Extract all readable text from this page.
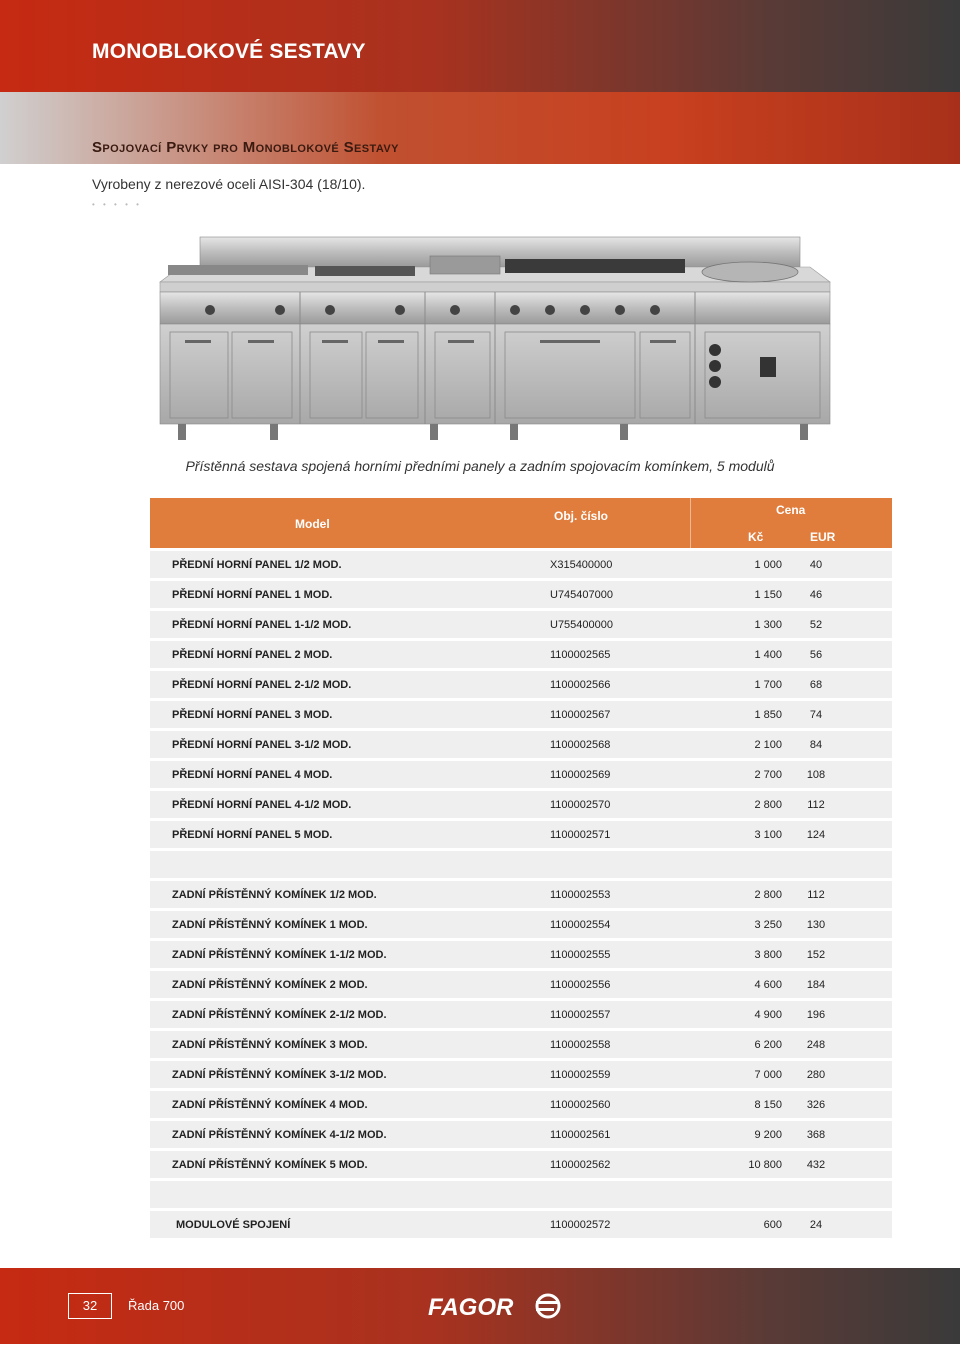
MONOBLOKOVÉ SESTAVY
Spojovací Prvky pro Monoblokové Sestavy
Vyrobeny z nerezové oceli AISI-304 (18/10).
• • • • •
Přístěnná sestava spojená horními předními panely a zadním spojovacím komínkem, 5 modulů
Model
Obj. číslo	Cena
Kč	EUR
PŘEDNÍ HORNÍ PANEL 1/2 MOD.	X315400000	1 000	40
PŘEDNÍ HORNÍ PANEL 1 MOD.	U745407000	1 150	46
PŘEDNÍ HORNÍ PANEL 1-1/2 MOD.	U755400000	1 300	52
PŘEDNÍ HORNÍ PANEL 2 MOD.	1100002565	1 400	56
PŘEDNÍ HORNÍ PANEL 2-1/2 MOD.	1100002566	1 700	68
PŘEDNÍ HORNÍ PANEL 3 MOD.	1100002567	1 850	74
PŘEDNÍ HORNÍ PANEL 3-1/2 MOD.	1100002568	2 100	84
PŘEDNÍ HORNÍ PANEL 4 MOD.	1100002569	2 700	108
PŘEDNÍ HORNÍ PANEL 4-1/2 MOD.	1100002570	2 800	112
PŘEDNÍ HORNÍ PANEL 5 MOD.	1100002571	3 100	124
ZADNÍ PŘÍSTĚNNÝ KOMÍNEK 1/2 MOD.	1100002553	2 800	112
ZADNÍ PŘÍSTĚNNÝ KOMÍNEK 1 MOD.	1100002554	3 250	130
ZADNÍ PŘÍSTĚNNÝ KOMÍNEK 1-1/2 MOD.	1100002555	3 800	152
ZADNÍ PŘÍSTĚNNÝ KOMÍNEK 2 MOD.	1100002556	4 600	184
ZADNÍ PŘÍSTĚNNÝ KOMÍNEK 2-1/2 MOD.	1100002557	4 900	196
ZADNÍ PŘÍSTĚNNÝ KOMÍNEK 3 MOD.	1100002558	6 200	248
ZADNÍ PŘÍSTĚNNÝ KOMÍNEK 3-1/2 MOD.	1100002559	7 000	280
ZADNÍ PŘÍSTĚNNÝ KOMÍNEK 4 MOD.	1100002560	8 150	326
ZADNÍ PŘÍSTĚNNÝ KOMÍNEK 4-1/2 MOD.	1100002561	9 200	368
ZADNÍ PŘÍSTĚNNÝ KOMÍNEK 5 MOD.	1100002562	10 800	432
MODULOVÉ SPOJENÍ	1100002572	600	24
32	Řada 700	FAGOR
